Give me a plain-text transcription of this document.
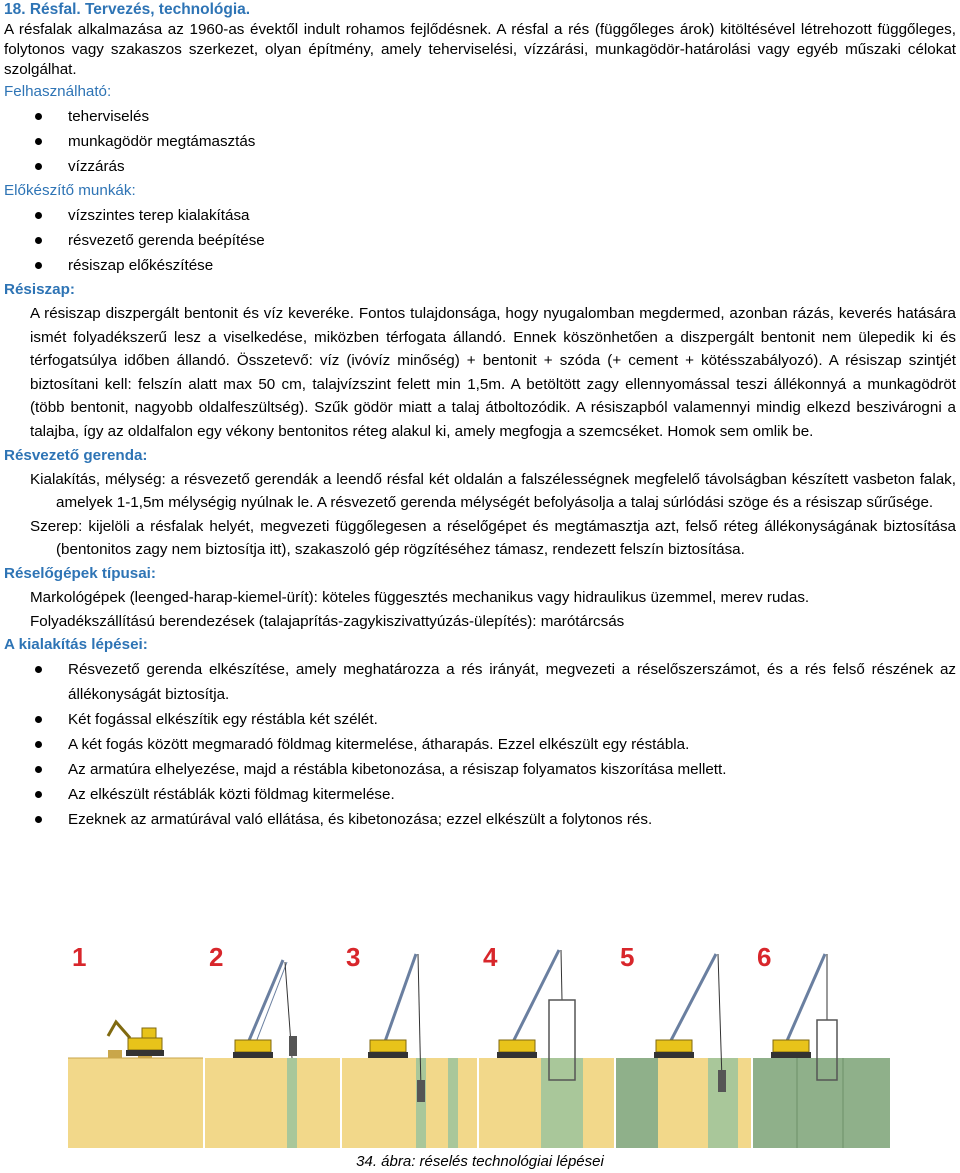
18. Résfal. Tervezés, technológia.
A résfalak alkalmazása az 1960-as évektől indult rohamos fejlődésnek. A résfal a rés (függőleges árok) kitöltésével létrehozott függőleges, folytonos vagy szakaszos szerkezet, olyan építmény, amely teherviselési, vízzárási, munkagödör-határolási vagy egyéb műszaki célokat szolgálhat.
Felhasználható:
teherviselés
munkagödör megtámasztás
vízzárás
Előkészítő munkák:
vízszintes terep kialakítása
résvezető gerenda beépítése
résiszap előkészítése
Résiszap:
A résiszap diszpergált bentonit és víz keveréke. Fontos tulajdonsága, hogy nyugalomban megdermed, azonban rázás, keverés hatására ismét folyadékszerű lesz a viselkedése, miközben térfogata állandó. Ennek köszönhetően a diszpergált bentonit nem ülepedik ki és térfogatsúlya időben állandó. Összetevő: víz (ivóvíz minőség) + bentonit + szóda (+ cement + kötésszabályozó). A résiszap szintjét biztosítani kell: felszín alatt max 50 cm, talajvízszint felett min 1,5m. A betöltött zagy ellennyomással teszi állékonnyá a munkagödröt (több bentonit, nagyobb oldalfeszültség). Szűk gödör miatt a talaj átboltozódik. A résiszapból valamennyi mindig elkezd beszivárogni a talajba, így az oldalfalon egy vékony bentonitos réteg alakul ki, amely megfogja a szemcséket. Homok sem omlik be.
Résvezető gerenda:
Kialakítás, mélység: a résvezető gerendák a leendő résfal két oldalán a falszélességnek megfelelő távolságban készített vasbeton falak, amelyek 1-1,5m mélységig nyúlnak le. A résvezető gerenda mélységét befolyásolja a talaj súrlódási szöge és a résiszap sűrűsége.
Szerep: kijelöli a résfalak helyét, megvezeti függőlegesen a réselőgépet és megtámasztja azt, felső réteg állékonyságának biztosítása (bentonitos zagy nem biztosítja itt), szakaszoló gép rögzítéséhez támasz, rendezett felszín biztosítása.
Réselőgépek típusai:
Markológépek (leenged-harap-kiemel-ürít): köteles függesztés mechanikus vagy hidraulikus üzemmel, merev rudas.
Folyadékszállítású berendezések (talajaprítás-zagykiszivattyúzás-ülepítés): marótárcsás
A kialakítás lépései:
Résvezető gerenda elkészítése, amely meghatározza a rés irányát, megvezeti a réselőszerszámot, és a rés felső részének az állékonyságát biztosítja.
Két fogással elkészítik egy réstábla két szélét.
A két fogás között megmaradó földmag kitermelése, átharapás. Ezzel elkészült egy réstábla.
Az armatúra elhelyezése, majd a réstábla kibetonozása, a résiszap folyamatos kiszorítása mellett.
Az elkészült réstáblák közti földmag kitermelése.
Ezeknek az armatúrával való ellátása, és kibetonozása; ezzel elkészült a folytonos rés.
1	2	3	4	5	6
34. ábra: réselés technológiai lépései
